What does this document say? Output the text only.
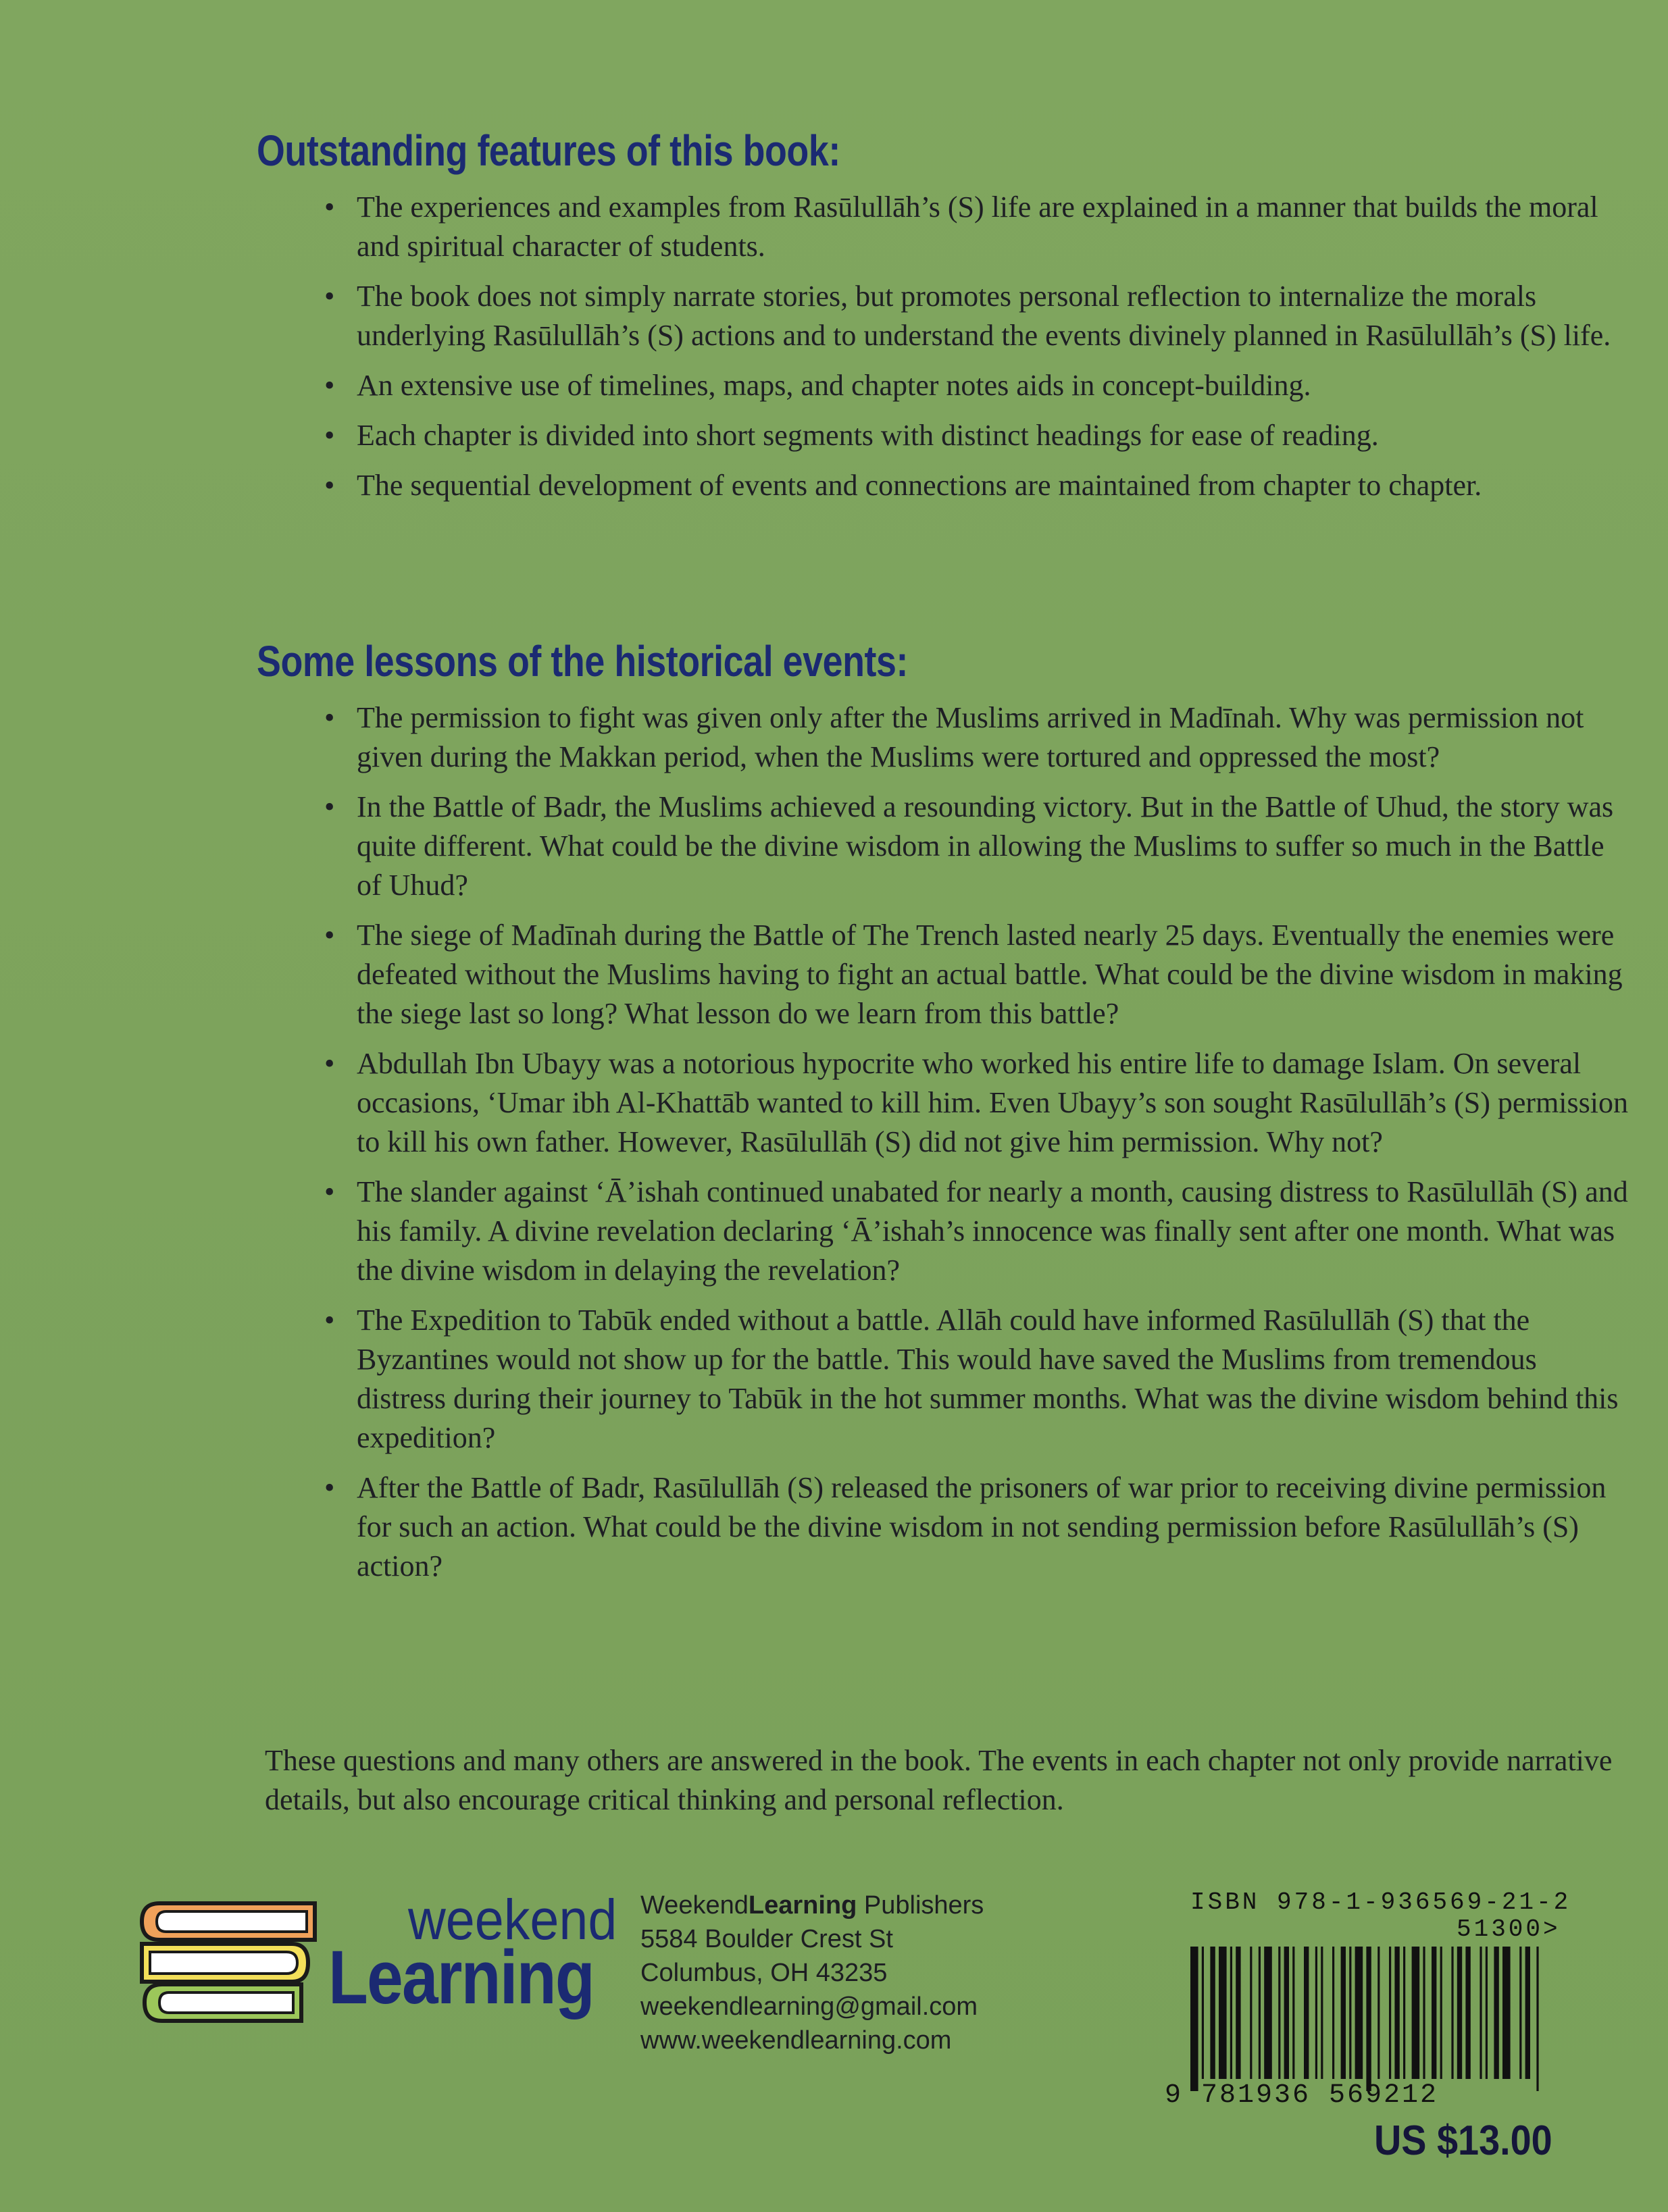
Outstanding features of this book:
• The experiences and examples from Rasūlullāh’s (S) life are explained in a manner that builds the moral and spiritual character of students.
• The book does not simply narrate stories, but promotes personal reflection to internalize the morals underlying Rasūlullāh’s (S) actions and to understand the events divinely planned in Rasūlullāh’s (S) life.
• An extensive use of timelines, maps, and chapter notes aids in concept-building.
• Each chapter is divided into short segments with distinct headings for ease of reading.
• The sequential development of events and connections are maintained from chapter to chapter.
Some lessons of the historical events:
• The permission to fight was given only after the Muslims arrived in Madīnah. Why was permission not given during the Makkan period, when the Muslims were tortured and oppressed the most?
• In the Battle of Badr, the Muslims achieved a resounding victory. But in the Battle of Uhud, the story was quite different. What could be the divine wisdom in allowing the Muslims to suffer so much in the Battle of Uhud?
• The siege of Madīnah during the Battle of The Trench lasted nearly 25 days. Eventually the enemies were defeated without the Muslims having to fight an actual battle. What could be the divine wisdom in making the siege last so long? What lesson do we learn from this battle?
• Abdullah Ibn Ubayy was a notorious hypocrite who worked his entire life to damage Islam. On several occasions, ‘Umar ibh Al-Khattāb wanted to kill him. Even Ubayy’s son sought Rasūlullāh’s (S) permission to kill his own father. However, Rasūlullāh (S) did not give him permission. Why not?
• The slander against ‘Ā’ishah continued unabated for nearly a month, causing distress to Rasūlullāh (S) and his family. A divine revelation declaring ‘Ā’ishah’s innocence was finally sent after one month. What was the divine wisdom in delaying the revelation?
• The Expedition to Tabūk ended without a battle. Allāh could have informed Rasūlullāh (S) that the Byzantines would not show up for the battle. This would have saved the Muslims from tremendous distress during their journey to Tabūk in the hot summer months. What was the divine wisdom behind this expedition?
• After the Battle of Badr, Rasūlullāh (S) released the prisoners of war prior to receiving divine permission for such an action. What could be the divine wisdom in not sending permission before Rasūlullāh’s (S) action?

These questions and many others are answered in the book. The events in each chapter not only provide narrative details, but also encourage critical thinking and personal reflection.

weekend
Learning
WeekendLearning Publishers
5584 Boulder Crest St
Columbus, OH 43235
weekendlearning@gmail.com
www.weekendlearning.com
ISBN 978-1-936569-21-2
51300>
9 781936 569212
US $13.00
